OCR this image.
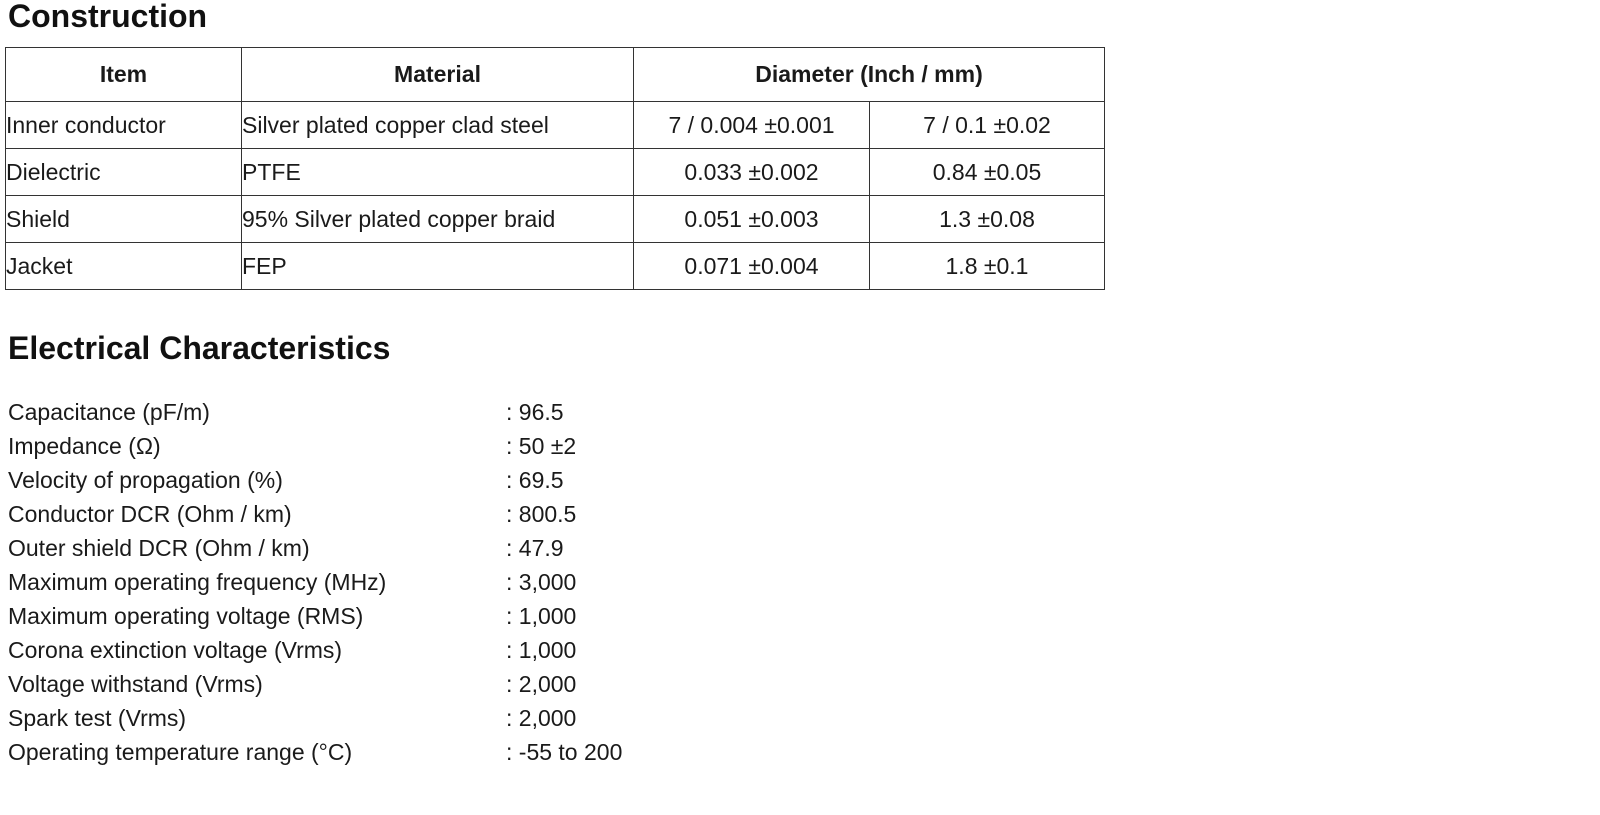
Construction
Item	Material	Diameter (Inch / mm)	
Inner conductor	Silver plated copper clad steel	7 / 0.004 ±0.001	7 / 0.1 ±0.02
Dielectric	PTFE	0.033 ±0.002	0.84 ±0.05
Shield	95% Silver plated copper braid	0.051 ±0.003	1.3 ±0.08
Jacket	FEP	0.071 ±0.004	1.8 ±0.1
Electrical Characteristics
Capacitance (pF/m)	: 96.5
Impedance (Ω)	: 50 ±2
Velocity of propagation (%)	: 69.5
Conductor DCR (Ohm / km)	: 800.5
Outer shield DCR (Ohm / km)	: 47.9
Maximum operating frequency (MHz)	: 3,000
Maximum operating voltage (RMS)	: 1,000
Corona extinction voltage (Vrms)	: 1,000
Voltage withstand (Vrms)	: 2,000
Spark test (Vrms)	: 2,000
Operating temperature range (°C)	: -55 to 200
